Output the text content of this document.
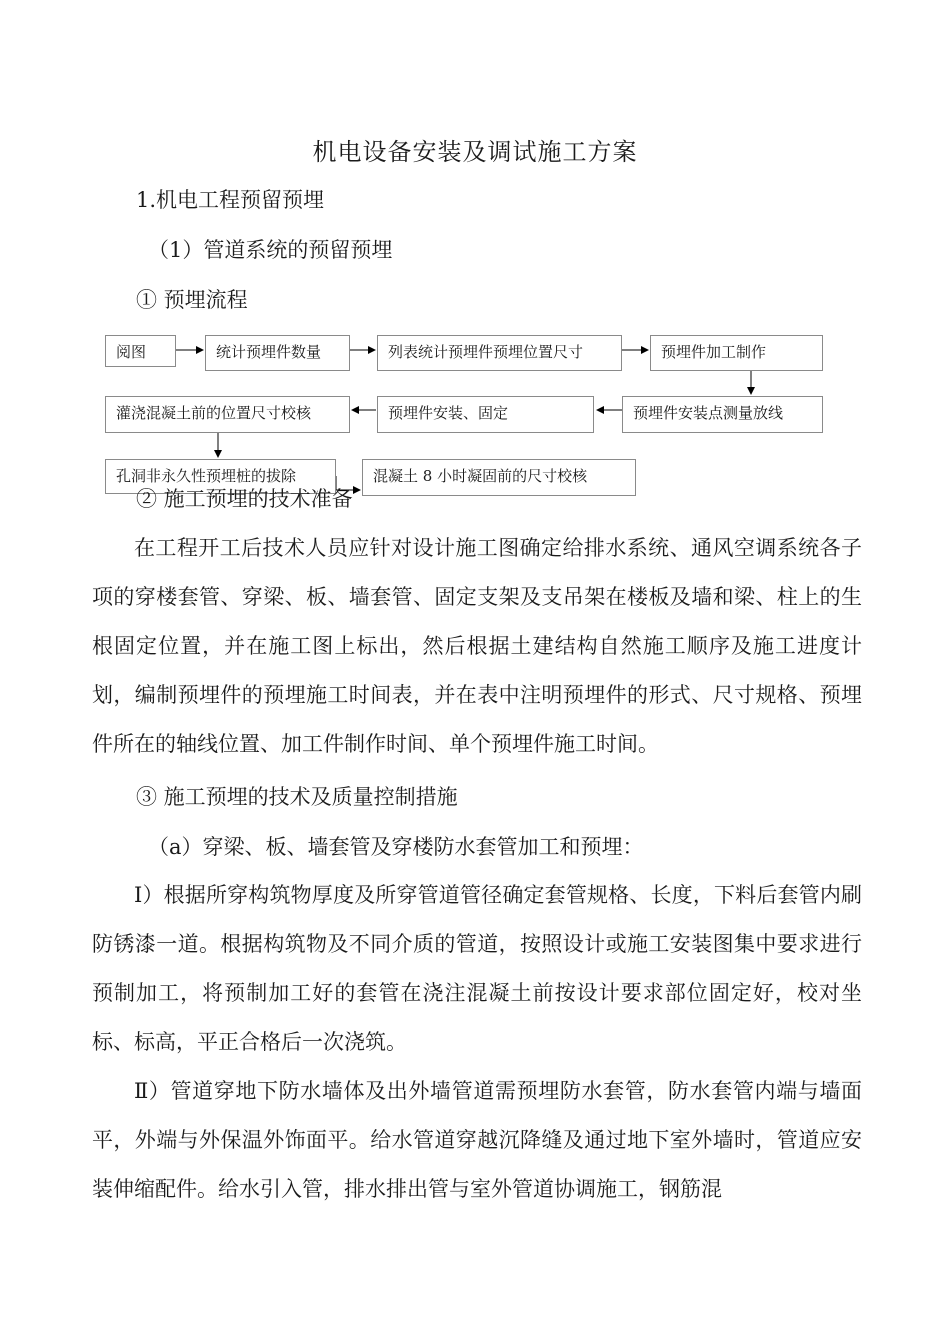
机电设备安装及调试施工方案
1.机电工程预留预埋
（1）管道系统的预留预埋
① 预埋流程
阅图	统计预埋件数量	列表统计预埋件预埋位置尺寸	预埋件加工制作
预埋件安装点测量放线
预埋件安装、固定
灌浇混凝土前的位置尺寸校核
孔洞非永久性预埋桩的拔除	混凝土 8 小时凝固前的尺寸校核
② 施工预埋的技术准备

在工程开工后技术人员应针对设计施工图确定给排水系统、通风空调系统各子项的穿楼套管、穿梁、板、墙套管、固定支架及支吊架在楼板及墙和梁、柱上的生根固定位置，并在施工图上标出，然后根据土建结构自然施工顺序及施工进度计划，编制预埋件的预埋施工时间表，并在表中注明预埋件的形式、尺寸规格、预埋件所在的轴线位置、加工件制作时间、单个预埋件施工时间。

③ 施工预埋的技术及质量控制措施
（a）穿梁、板、墙套管及穿楼防水套管加工和预埋：

Ⅰ）根据所穿构筑物厚度及所穿管道管径确定套管规格、长度，下料后套管内刷防锈漆一道。根据构筑物及不同介质的管道，按照设计或施工安装图集中要求进行预制加工，将预制加工好的套管在浇注混凝土前按设计要求部位固定好，校对坐标、标高，平正合格后一次浇筑。

Ⅱ）管道穿地下防水墙体及出外墙管道需预埋防水套管，防水套管内端与墙面平，外端与外保温外饰面平。给水管道穿越沉降缝及通过地下室外墙时，管道应安装伸缩配件。给水引入管，排水排出管与室外管道协调施工，钢筋混
